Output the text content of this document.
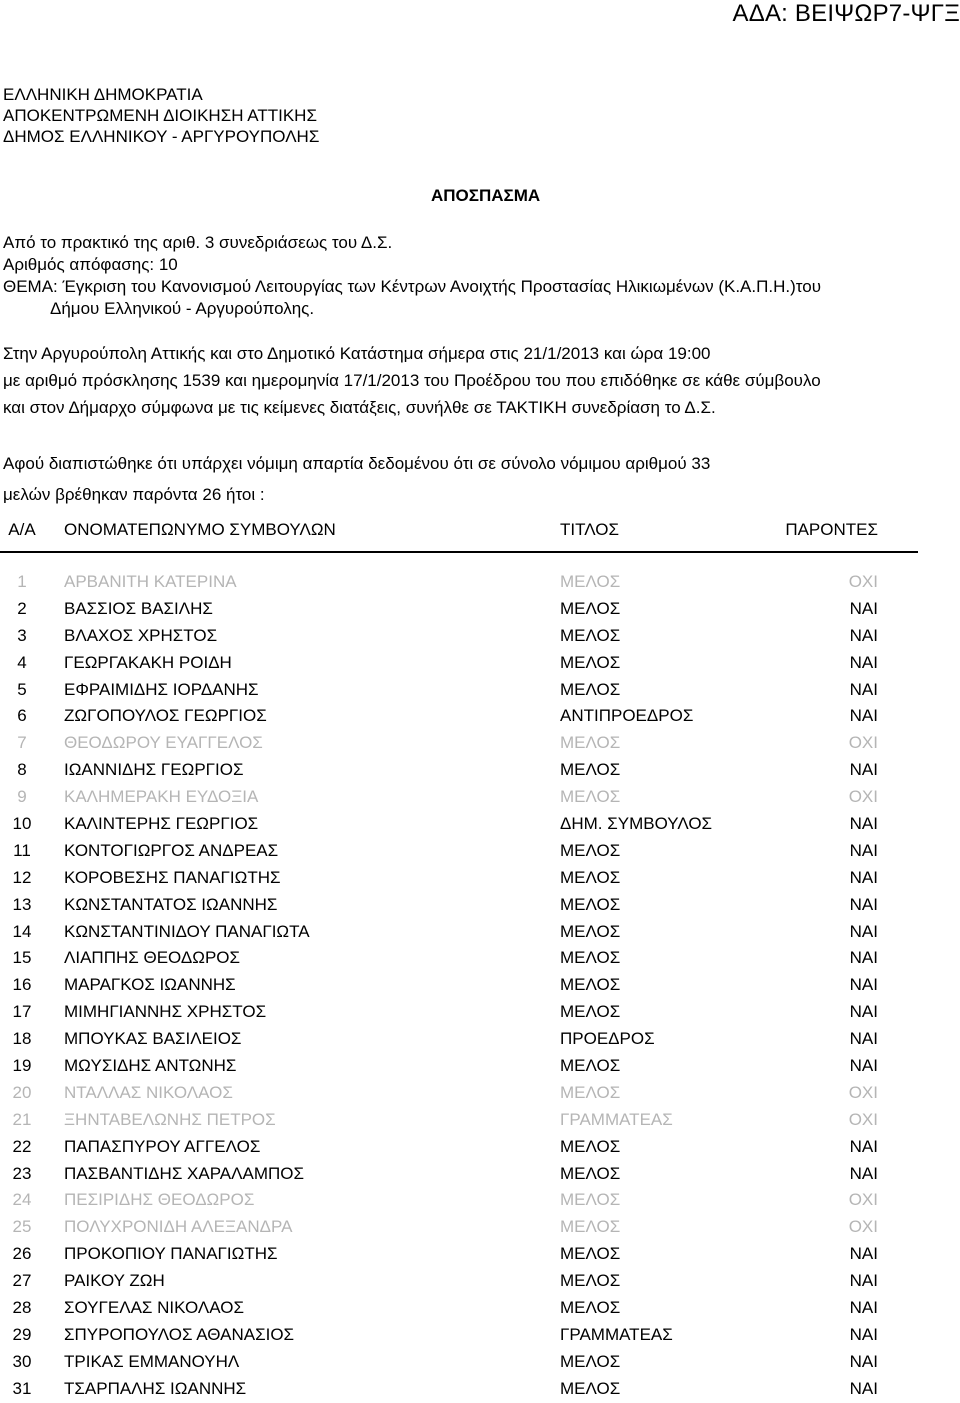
ΑΔΑ: ΒΕΙΨΩΡ7-ΨΓΞ
ΕΛΛΗΝΙΚΗ ΔΗΜΟΚΡΑΤΙΑ
ΑΠΟΚΕΝΤΡΩΜΕΝΗ ΔΙΟΙΚΗΣΗ ΑΤΤΙΚΗΣ
ΔΗΜΟΣ ΕΛΛΗΝΙΚΟΥ - ΑΡΓΥΡΟΥΠΟΛΗΣ
ΑΠΟΣΠΑΣΜΑ
Από το πρακτικό της αριθ. 3 συνεδριάσεως του Δ.Σ.
Αριθμός απόφασης: 10
ΘΕΜΑ: Έγκριση του Κανονισμού Λειτουργίας των Κέντρων Ανοιχτής Προστασίας Ηλικιωμένων (Κ.Α.Π.Η.)του
Δήμου Ελληνικού - Αργυρούπολης.
Στην Αργυρούπολη Αττικής και στο Δημοτικό Κατάστημα σήμερα στις 21/1/2013 και ώρα 19:00
με αριθμό πρόσκλησης 1539 και ημερομηνία 17/1/2013 του Προέδρου του που επιδόθηκε σε κάθε σύμβουλο
και στον Δήμαρχο σύμφωνα με τις κείμενες διατάξεις, συνήλθε σε ΤΑΚΤΙΚΗ συνεδρίαση το Δ.Σ.
Αφού διαπιστώθηκε ότι υπάρχει νόμιμη απαρτία δεδομένου ότι σε σύνολο νόμιμου αριθμού 33
μελών βρέθηκαν παρόντα 26 ήτοι :
Α/Α	ΟΝΟΜΑΤΕΠΩΝΥΜΟ ΣΥΜΒΟΥΛΩΝ	ΤΙΤΛΟΣ	ΠΑΡΟΝΤΕΣ
1	ΑΡΒΑΝΙΤΗ ΚΑΤΕΡΙΝΑ	ΜΕΛΟΣ	ΟΧΙ
2	ΒΑΣΣΙΟΣ ΒΑΣΙΛΗΣ	ΜΕΛΟΣ	ΝΑΙ
3	ΒΛΑΧΟΣ ΧΡΗΣΤΟΣ	ΜΕΛΟΣ	ΝΑΙ
4	ΓΕΩΡΓΑΚΑΚΗ ΡΟΙΔΗ	ΜΕΛΟΣ	ΝΑΙ
5	ΕΦΡΑΙΜΙΔΗΣ ΙΟΡΔΑΝΗΣ	ΜΕΛΟΣ	ΝΑΙ
6	ΖΩΓΟΠΟΥΛΟΣ ΓΕΩΡΓΙΟΣ	ΑΝΤΙΠΡΟΕΔΡΟΣ	ΝΑΙ
7	ΘΕΟΔΩΡΟΥ ΕΥΑΓΓΕΛΟΣ	ΜΕΛΟΣ	ΟΧΙ
8	ΙΩΑΝΝΙΔΗΣ ΓΕΩΡΓΙΟΣ	ΜΕΛΟΣ	ΝΑΙ
9	ΚΑΛΗΜΕΡΑΚΗ ΕΥΔΟΞΙΑ	ΜΕΛΟΣ	ΟΧΙ
10	ΚΑΛΙΝΤΕΡΗΣ ΓΕΩΡΓΙΟΣ	ΔΗΜ. ΣΥΜΒΟΥΛΟΣ	ΝΑΙ
11	ΚΟΝΤΟΓΙΩΡΓΟΣ ΑΝΔΡΕΑΣ	ΜΕΛΟΣ	ΝΑΙ
12	ΚΟΡΟΒΕΣΗΣ ΠΑΝΑΓΙΩΤΗΣ	ΜΕΛΟΣ	ΝΑΙ
13	ΚΩΝΣΤΑΝΤΑΤΟΣ ΙΩΑΝΝΗΣ	ΜΕΛΟΣ	ΝΑΙ
14	ΚΩΝΣΤΑΝΤΙΝΙΔΟΥ ΠΑΝΑΓΙΩΤΑ	ΜΕΛΟΣ	ΝΑΙ
15	ΛΙΑΠΠΗΣ ΘΕΟΔΩΡΟΣ	ΜΕΛΟΣ	ΝΑΙ
16	ΜΑΡΑΓΚΟΣ ΙΩΑΝΝΗΣ	ΜΕΛΟΣ	ΝΑΙ
17	ΜΙΜΗΓΙΑΝΝΗΣ ΧΡΗΣΤΟΣ	ΜΕΛΟΣ	ΝΑΙ
18	ΜΠΟΥΚΑΣ ΒΑΣΙΛΕΙΟΣ	ΠΡΟΕΔΡΟΣ	ΝΑΙ
19	ΜΩΥΣΙΔΗΣ ΑΝΤΩΝΗΣ	ΜΕΛΟΣ	ΝΑΙ
20	ΝΤΑΛΛΑΣ ΝΙΚΟΛΑΟΣ	ΜΕΛΟΣ	ΟΧΙ
21	ΞΗΝΤΑΒΕΛΩΝΗΣ ΠΕΤΡΟΣ	ΓΡΑΜΜΑΤΕΑΣ	ΟΧΙ
22	ΠΑΠΑΣΠΥΡΟΥ ΑΓΓΕΛΟΣ	ΜΕΛΟΣ	ΝΑΙ
23	ΠΑΣΒΑΝΤΙΔΗΣ ΧΑΡΑΛΑΜΠΟΣ	ΜΕΛΟΣ	ΝΑΙ
24	ΠΕΣΙΡΙΔΗΣ ΘΕΟΔΩΡΟΣ	ΜΕΛΟΣ	ΟΧΙ
25	ΠΟΛΥΧΡΟΝΙΔΗ ΑΛΕΞΑΝΔΡΑ	ΜΕΛΟΣ	ΟΧΙ
26	ΠΡΟΚΟΠΙΟΥ ΠΑΝΑΓΙΩΤΗΣ	ΜΕΛΟΣ	ΝΑΙ
27	ΡΑΙΚΟΥ ΖΩΗ	ΜΕΛΟΣ	ΝΑΙ
28	ΣΟΥΓΕΛΑΣ ΝΙΚΟΛΑΟΣ	ΜΕΛΟΣ	ΝΑΙ
29	ΣΠΥΡΟΠΟΥΛΟΣ ΑΘΑΝΑΣΙΟΣ	ΓΡΑΜΜΑΤΕΑΣ	ΝΑΙ
30	ΤΡΙΚΑΣ ΕΜΜΑΝΟΥΗΛ	ΜΕΛΟΣ	ΝΑΙ
31	ΤΣΑΡΠΑΛΗΣ ΙΩΑΝΝΗΣ	ΜΕΛΟΣ	ΝΑΙ
